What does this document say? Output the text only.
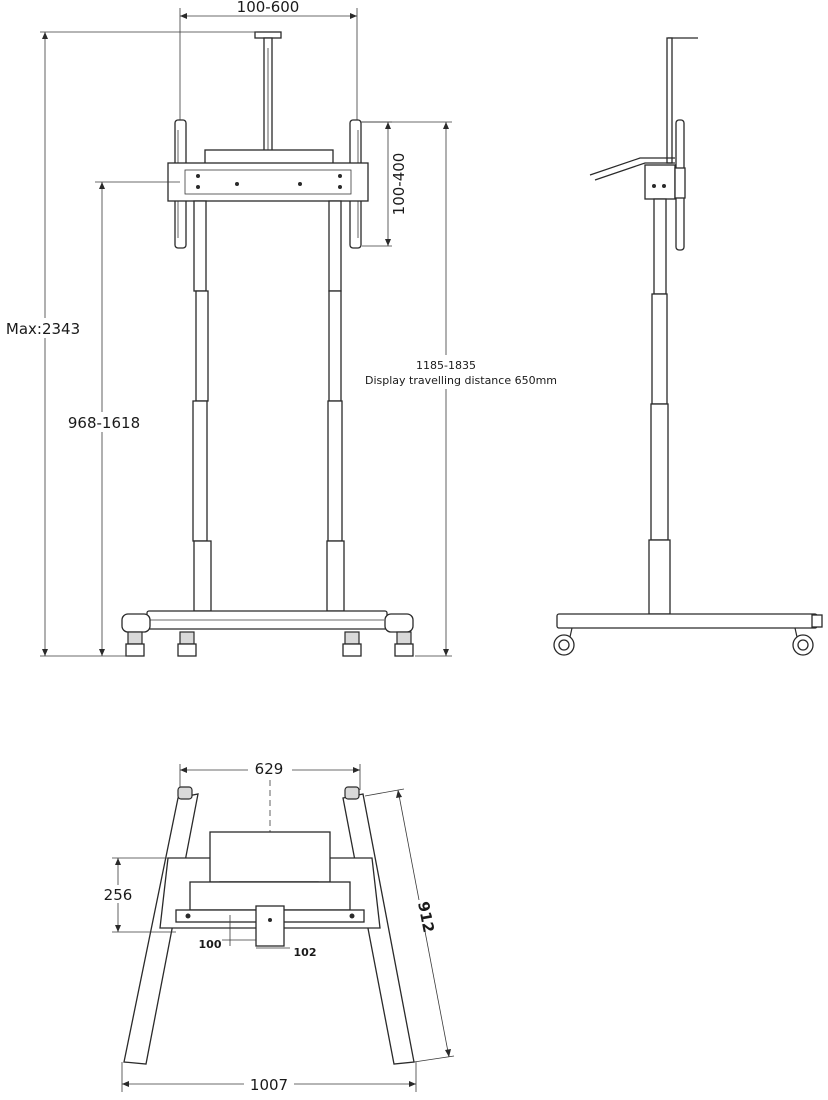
100-600
100-400
Max:2343
968-1618
1185-1835
Display travelling distance 650mm
629
256
100
102
912
1007
